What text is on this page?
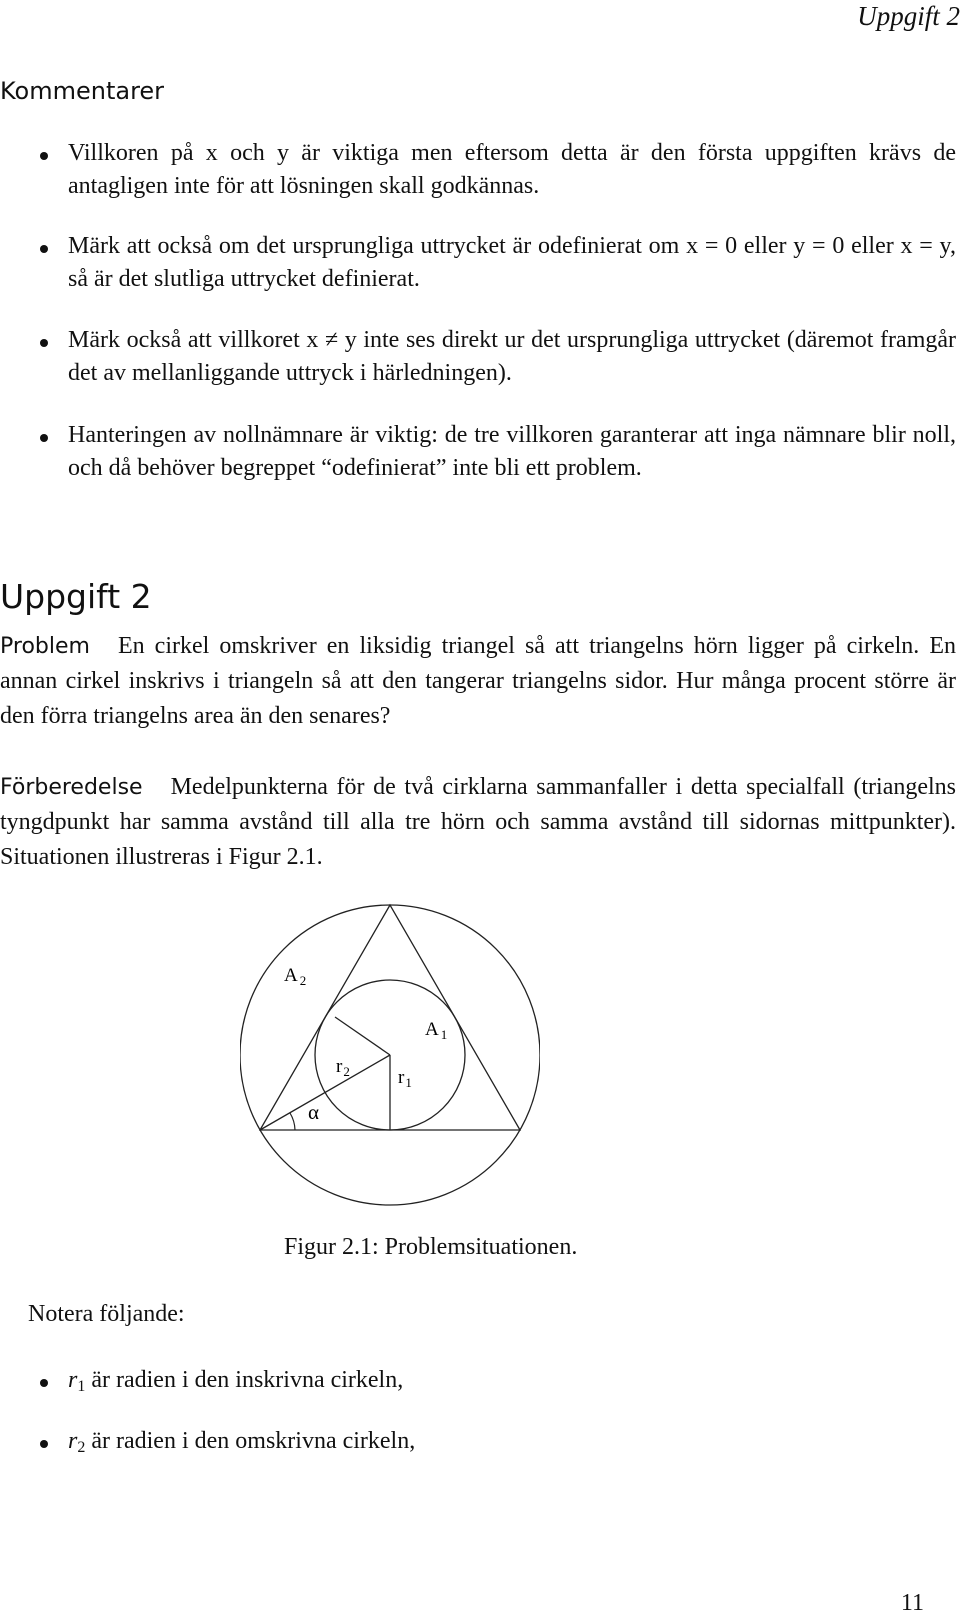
Uppgift 2
Kommentarer
Villkoren på x och y är viktiga men eftersom detta är den första uppgiften krävs de antagligen inte för att lösningen skall godkännas.
Märk att också om det ursprungliga uttrycket är odefinierat om x = 0 eller y = 0 eller x = y, så är det slutliga uttrycket definierat.
Märk också att villkoret x ≠ y inte ses direkt ur det ursprungliga uttrycket (däremot framgår det av mellanliggande uttryck i härledningen).
Hanteringen av nollnämnare är viktig: de tre villkoren garanterar att inga nämnare blir noll, och då behöver begreppet “odefinierat” inte bli ett problem.
Uppgift 2
Problem En cirkel omskriver en liksidig triangel så att triangelns hörn ligger på cirkeln. En annan cirkel inskrivs i triangeln så att den tangerar triangelns sidor. Hur många procent större är den förra triangelns area än den senares?
Förberedelse Medelpunkterna för de två cirklarna sammanfaller i detta specialfall (triangelns tyngdpunkt har samma avstånd till alla tre hörn och samma avstånd till sidornas mittpunkter). Situationen illustreras i Figur 2.1.
A $_2$
A $_1$
$r_2$	$r_1$
α
Figur 2.1: Problemsituationen.
Notera följande:
$r_1$ är radien i den inskrivna cirkeln,
$r_2$ är radien i den omskrivna cirkeln,
11
